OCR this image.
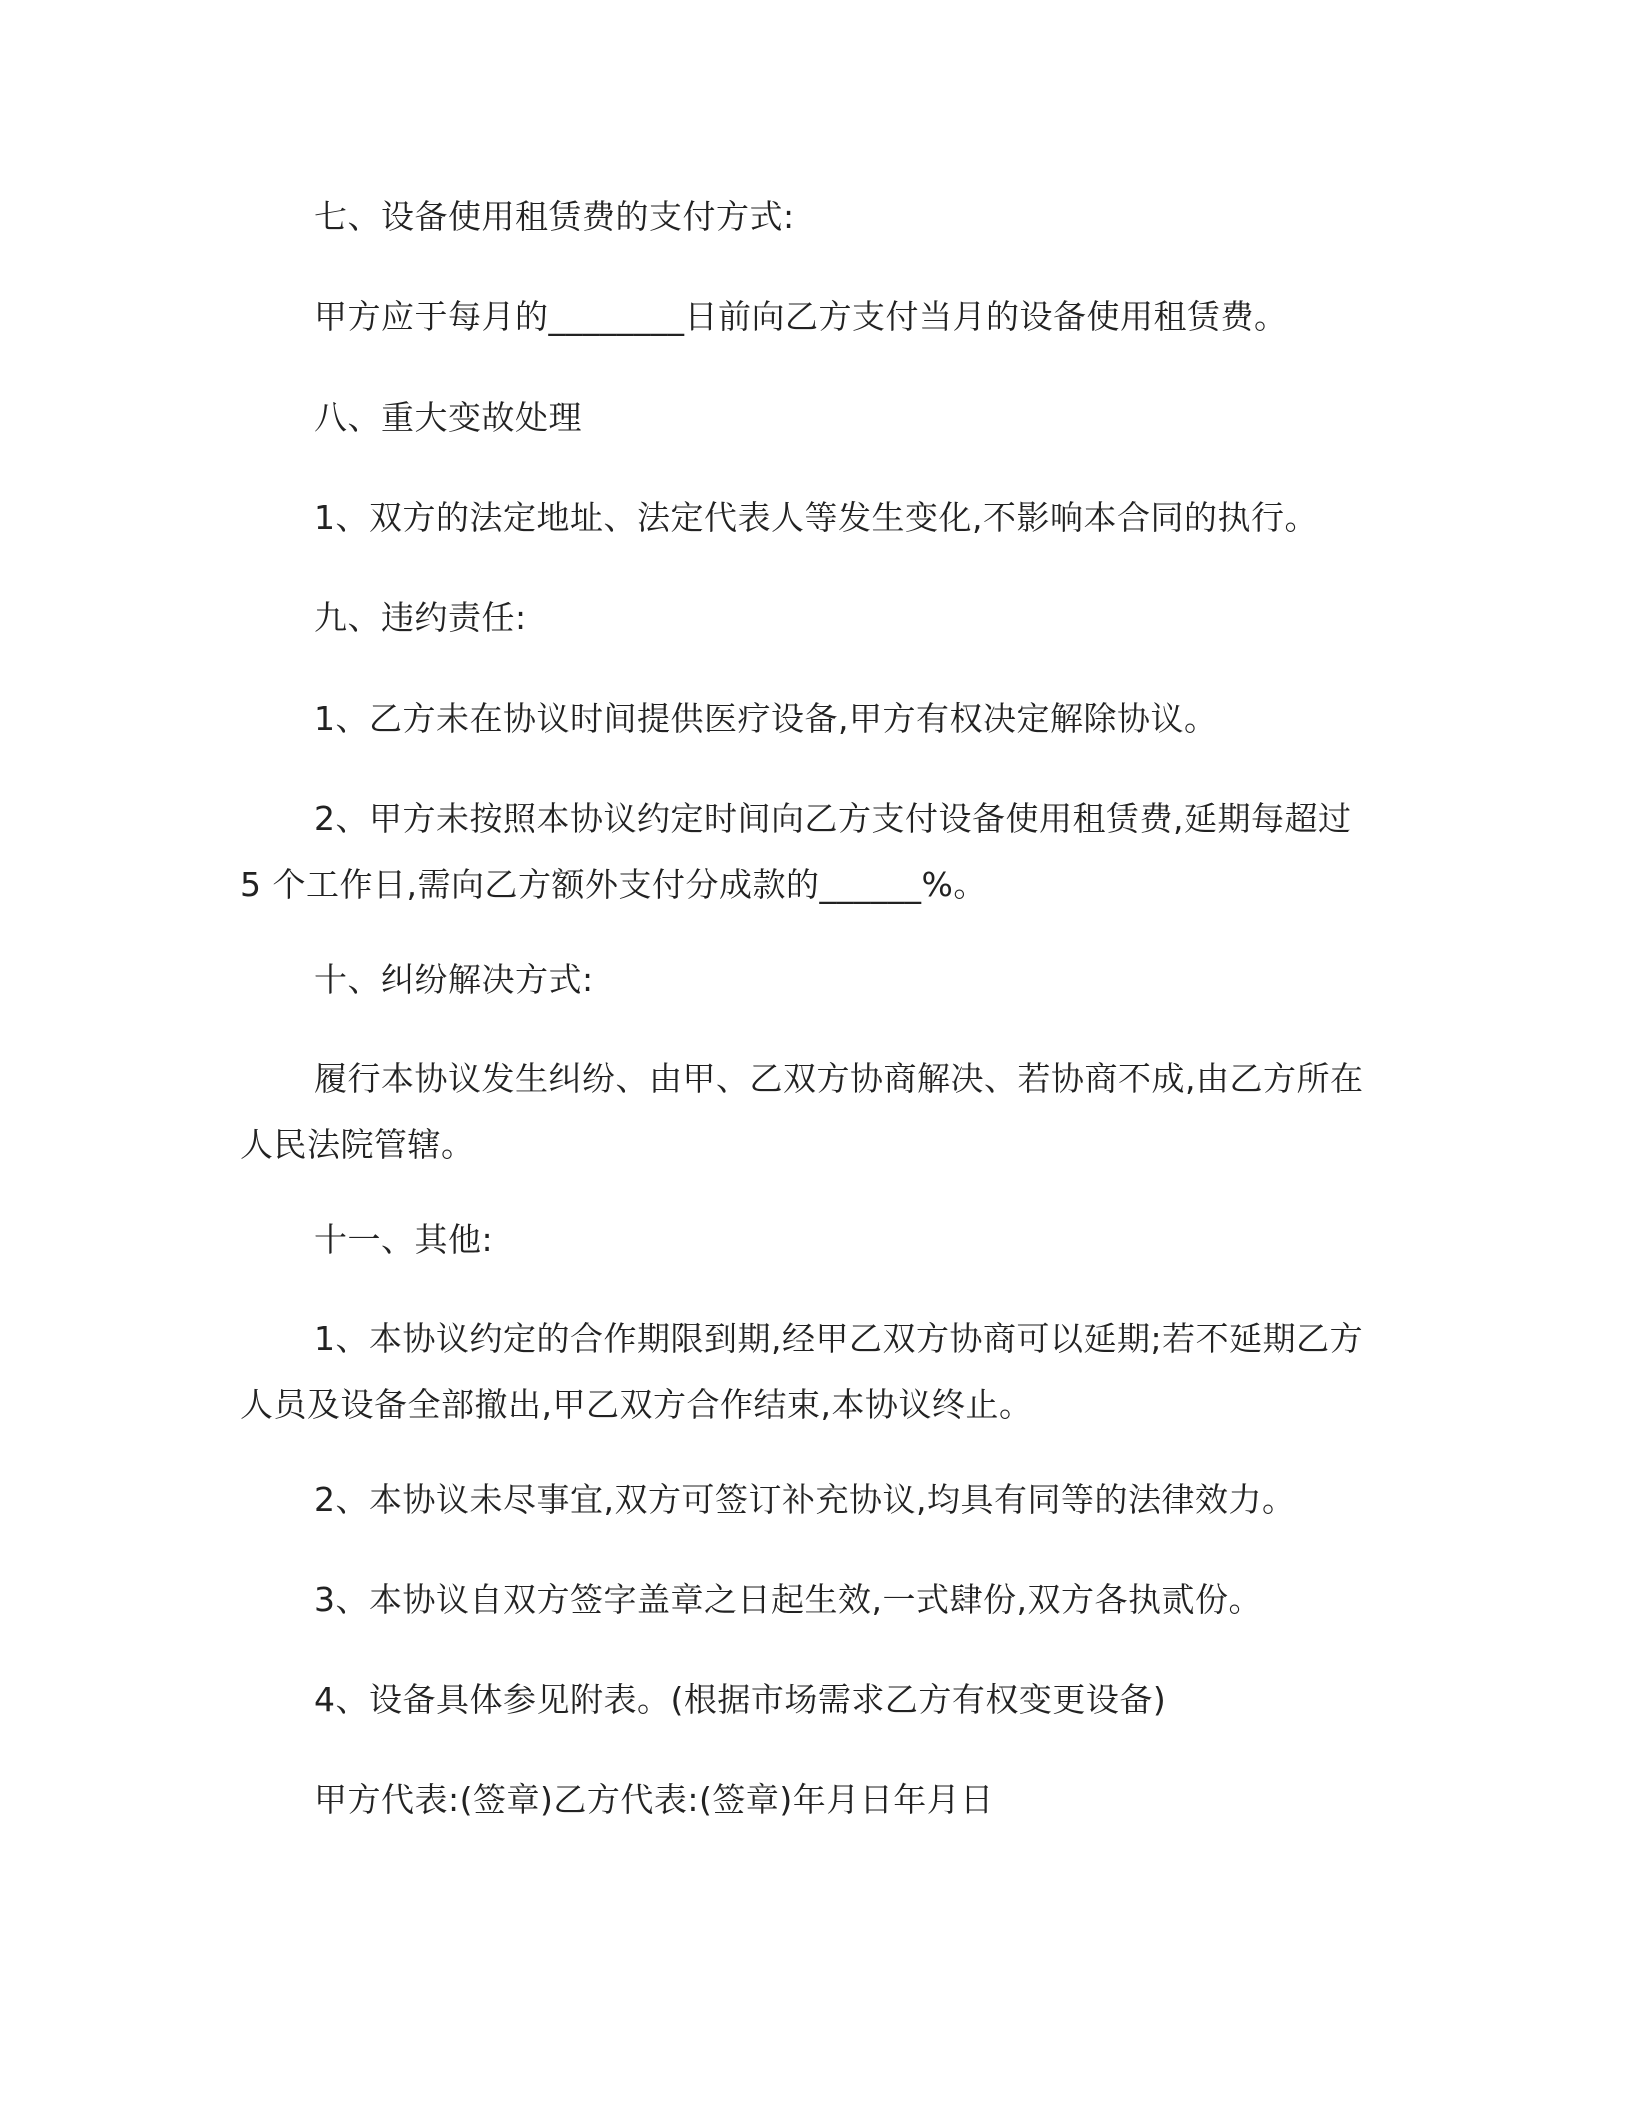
七、设备使用租赁费的支付方式:
甲方应于每月的________日前向乙方支付当月的设备使用租赁费。
八、重大变故处理
1、双方的法定地址、法定代表人等发生变化,不影响本合同的执行。
九、违约责任:
1、乙方未在协议时间提供医疗设备,甲方有权决定解除协议。
2、甲方未按照本协议约定时间向乙方支付设备使用租赁费,延期每超过 5 个工作日,需向乙方额外支付分成款的______%。
十、纠纷解决方式:
履行本协议发生纠纷、由甲、乙双方协商解决、若协商不成,由乙方所在人民法院管辖。
十一、其他:
1、本协议约定的合作期限到期,经甲乙双方协商可以延期;若不延期乙方人员及设备全部撤出,甲乙双方合作结束,本协议终止。
2、本协议未尽事宜,双方可签订补充协议,均具有同等的法律效力。
3、本协议自双方签字盖章之日起生效,一式肆份,双方各执贰份。
4、设备具体参见附表。(根据市场需求乙方有权变更设备)
甲方代表:(签章)乙方代表:(签章)年月日年月日
